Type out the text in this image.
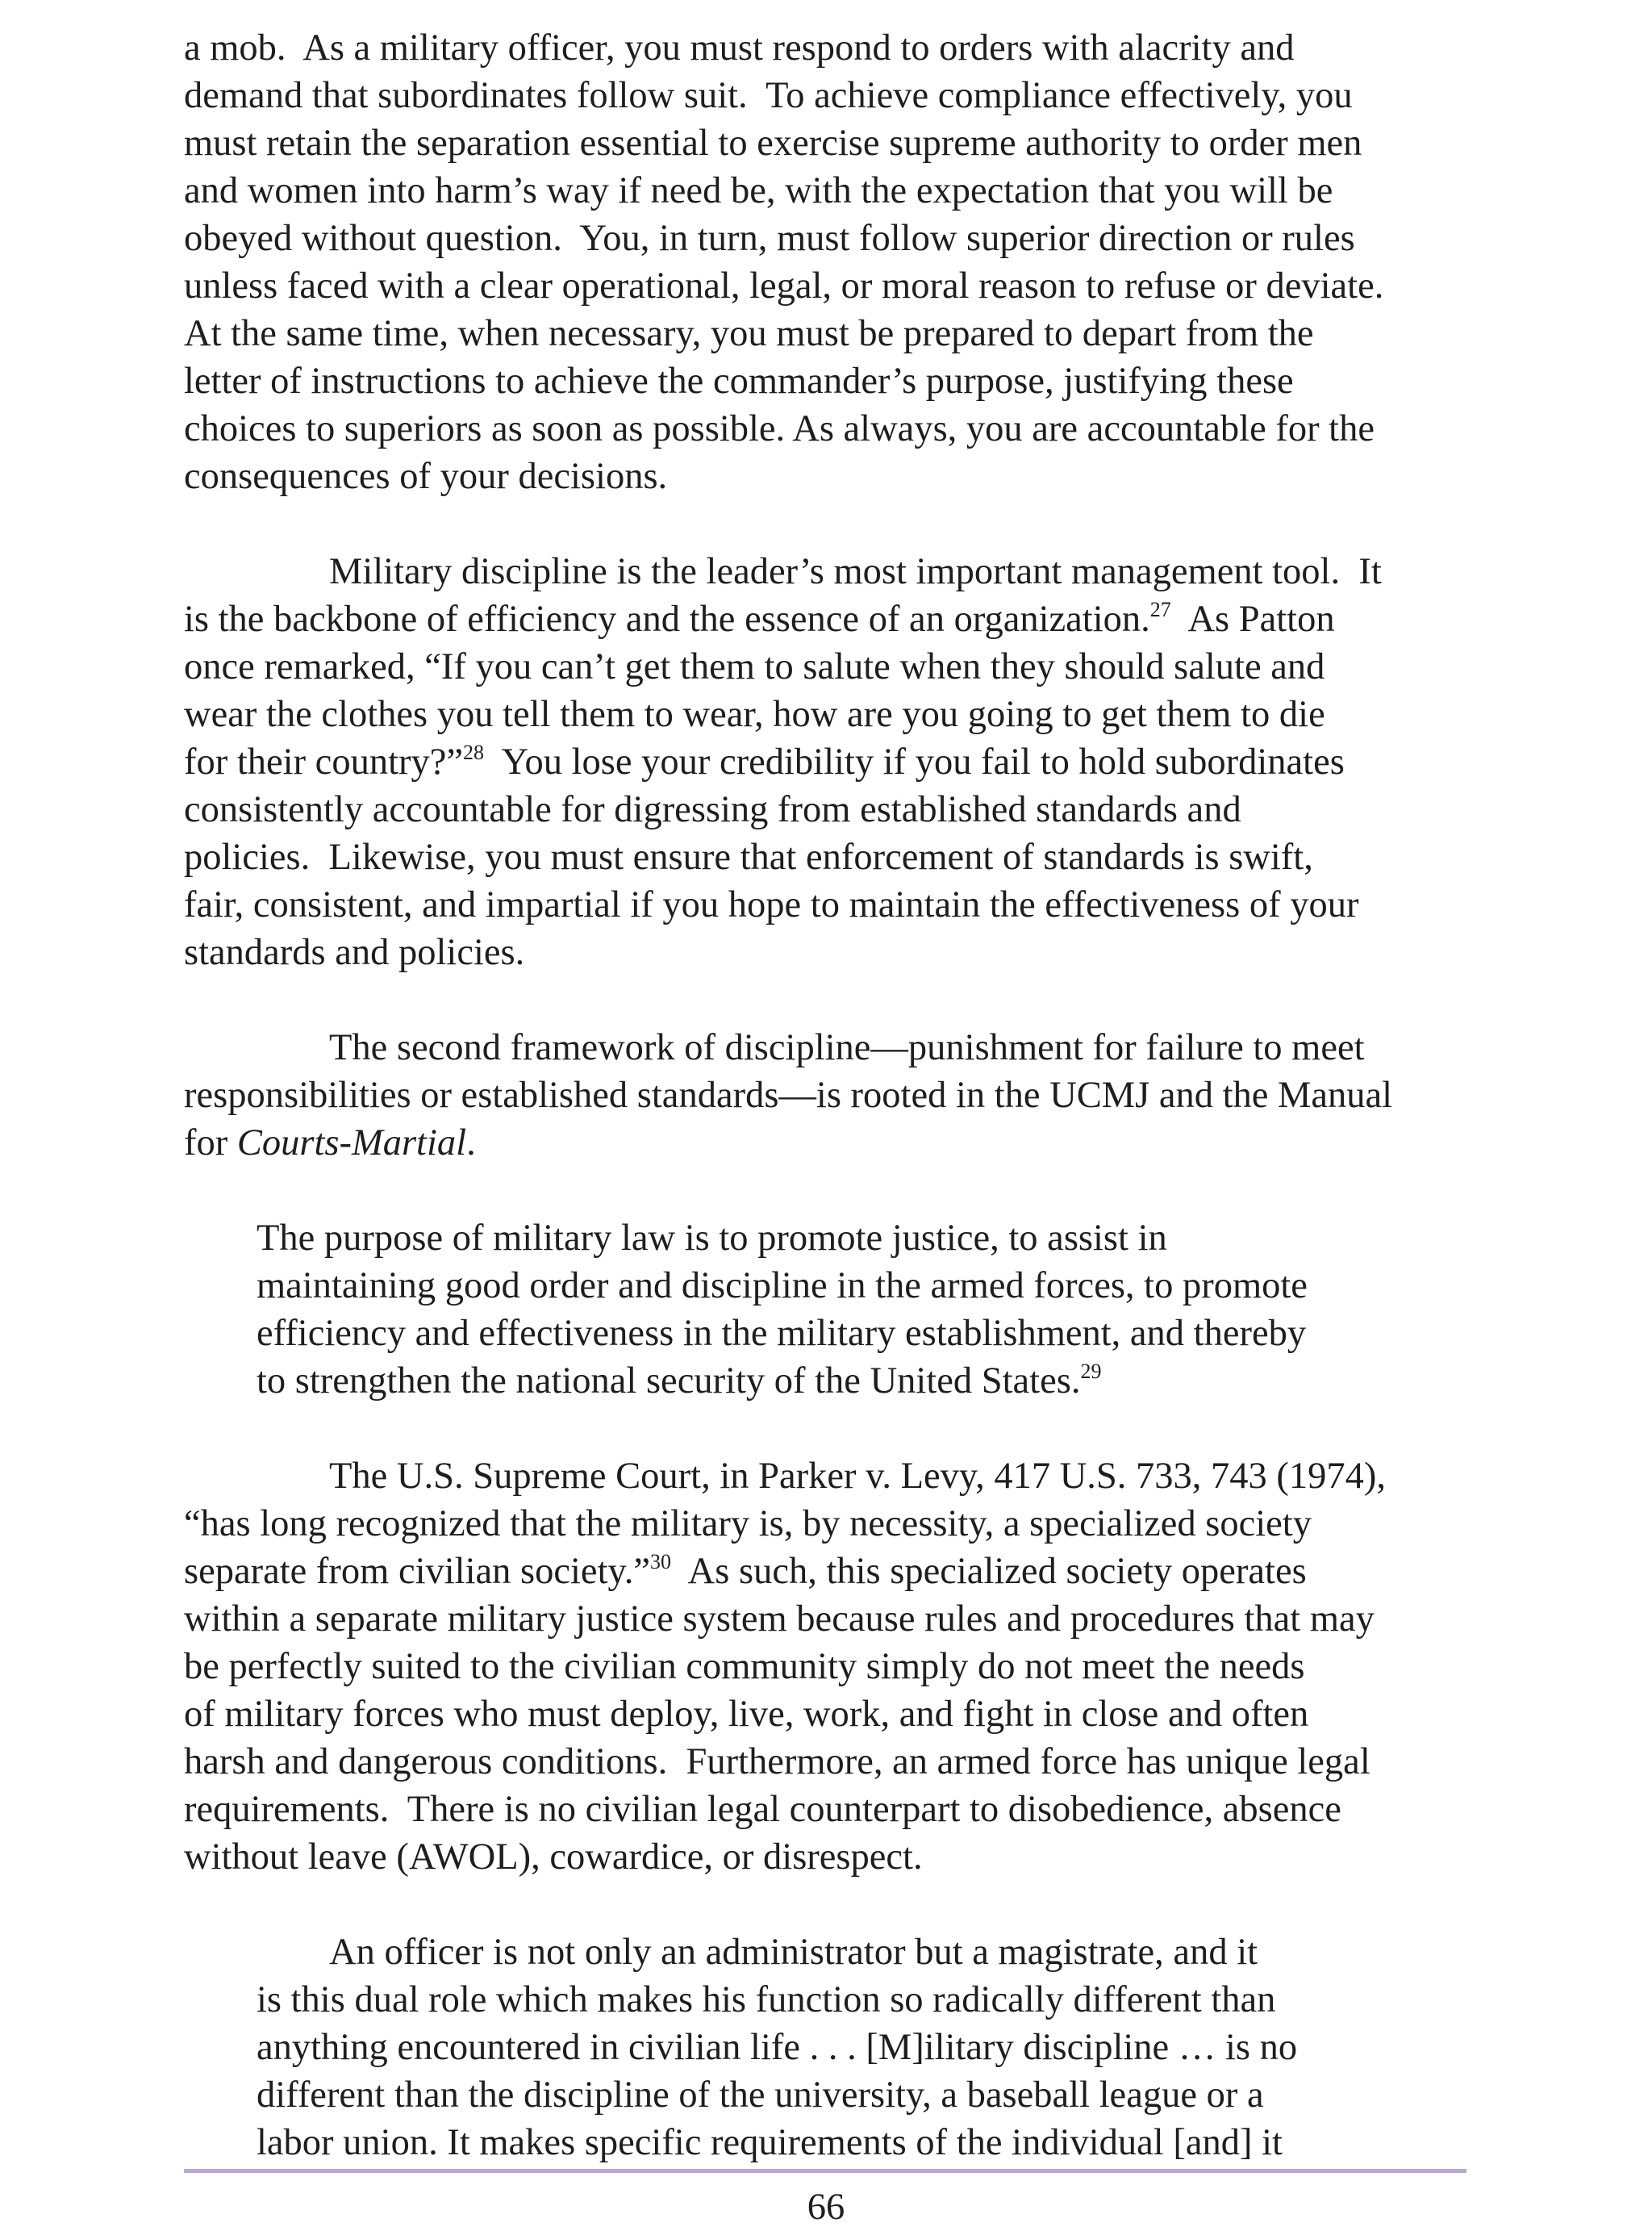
a mob.  As a military officer, you must respond to orders with alacrity and
demand that subordinates follow suit.  To achieve compliance effectively, you
must retain the separation essential to exercise supreme authority to order men
and women into harm’s way if need be, with the expectation that you will be
obeyed without question.  You, in turn, must follow superior direction or rules
unless faced with a clear operational, legal, or moral reason to refuse or deviate.
At the same time, when necessary, you must be prepared to depart from the
letter of instructions to achieve the commander’s purpose, justifying these
choices to superiors as soon as possible. As always, you are accountable for the
consequences of your decisions.
Military discipline is the leader’s most important management tool.  It
is the backbone of efficiency and the essence of an organization.$^{27}$  As Patton
once remarked, “If you can’t get them to salute when they should salute and
wear the clothes you tell them to wear, how are you going to get them to die
for their country?”$^{28}$  You lose your credibility if you fail to hold subordinates
consistently accountable for digressing from established standards and
policies.  Likewise, you must ensure that enforcement of standards is swift,
fair, consistent, and impartial if you hope to maintain the effectiveness of your
standards and policies.
The second framework of discipline—punishment for failure to meet
responsibilities or established standards—is rooted in the UCMJ and the Manual
for Courts-Martial.
The purpose of military law is to promote justice, to assist in
maintaining good order and discipline in the armed forces, to promote
efficiency and effectiveness in the military establishment, and thereby
to strengthen the national security of the United States.$^{29}$
The U.S. Supreme Court, in Parker v. Levy, 417 U.S. 733, 743 (1974),
“has long recognized that the military is, by necessity, a specialized society
separate from civilian society.”$^{30}$  As such, this specialized society operates
within a separate military justice system because rules and procedures that may
be perfectly suited to the civilian community simply do not meet the needs
of military forces who must deploy, live, work, and fight in close and often
harsh and dangerous conditions.  Furthermore, an armed force has unique legal
requirements.  There is no civilian legal counterpart to disobedience, absence
without leave (AWOL), cowardice, or disrespect.
An officer is not only an administrator but a magistrate, and it
is this dual role which makes his function so radically different than
anything encountered in civilian life . . . [M]ilitary discipline … is no
different than the discipline of the university, a baseball league or a
labor union. It makes specific requirements of the individual [and] it
66
